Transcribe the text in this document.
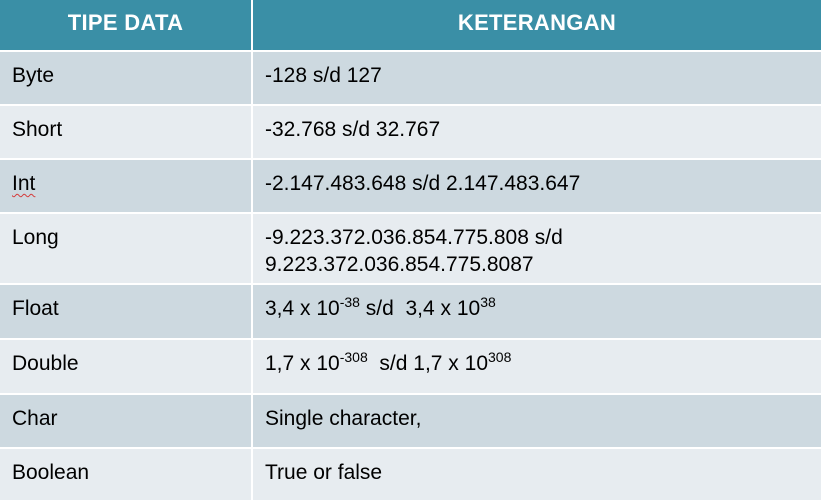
TIPE DATA	KETERANGAN
Byte	-128 s/d 127
Short	-32.768 s/d 32.767
Int	-2.147.483.648 s/d 2.147.483.647
Long	-9.223.372.036.854.775.808 s/d
9.223.372.036.854.775.8087
Float	3,4 x $10^{-38}$ s/d  3,4 x $10^{38}$
Double	1,7 x $10^{-308}$  s/d 1,7 x $10^{308}$
Char	Single character,
Boolean	True or false
